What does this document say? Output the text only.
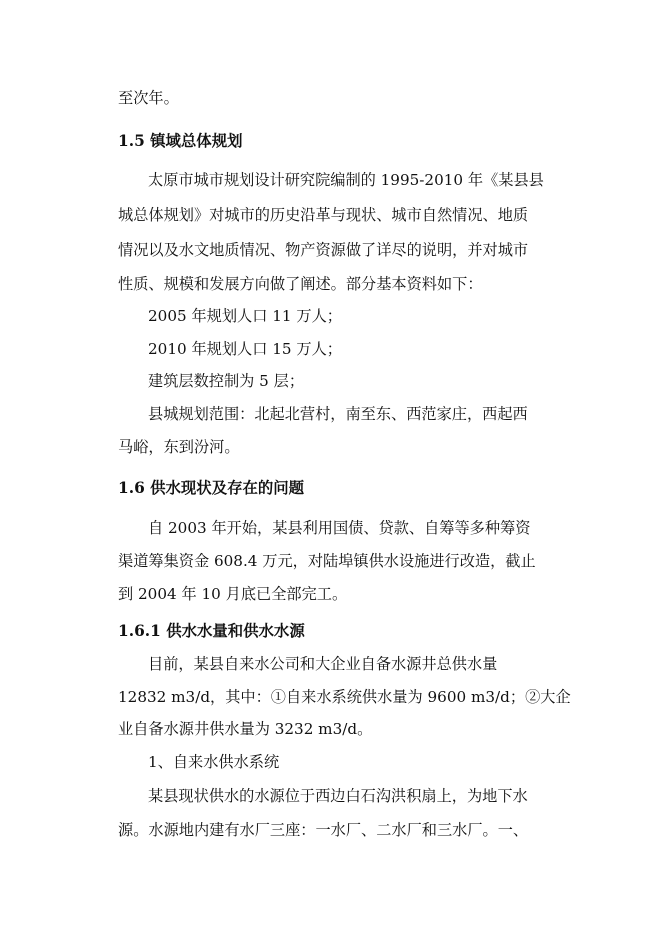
至次年。
1.5 镇域总体规划
太原市城市规划设计研究院编制的 1995-2010 年《某县县
城总体规划》对城市的历史沿革与现状、城市自然情况、地质
情况以及水文地质情况、物产资源做了详尽的说明，并对城市
性质、规模和发展方向做了阐述。部分基本资料如下：
2005 年规划人口 11 万人；
2010 年规划人口 15 万人；
建筑层数控制为 5 层；
县城规划范围：北起北营村，南至东、西范家庄，西起西
马峪，东到汾河。
1.6 供水现状及存在的问题
自 2003 年开始，某县利用国债、贷款、自筹等多种筹资
渠道筹集资金 608.4 万元，对陆埠镇供水设施进行改造，截止
到 2004 年 10 月底已全部完工。
1.6.1 供水水量和供水水源
目前，某县自来水公司和大企业自备水源井总供水量
12832 m3/d，其中：①自来水系统供水量为 9600 m3/d；②大企
业自备水源井供水量为 3232 m3/d。
1、自来水供水系统
某县现状供水的水源位于西边白石沟洪积扇上，为地下水
源。水源地内建有水厂三座：一水厂、二水厂和三水厂。一、
